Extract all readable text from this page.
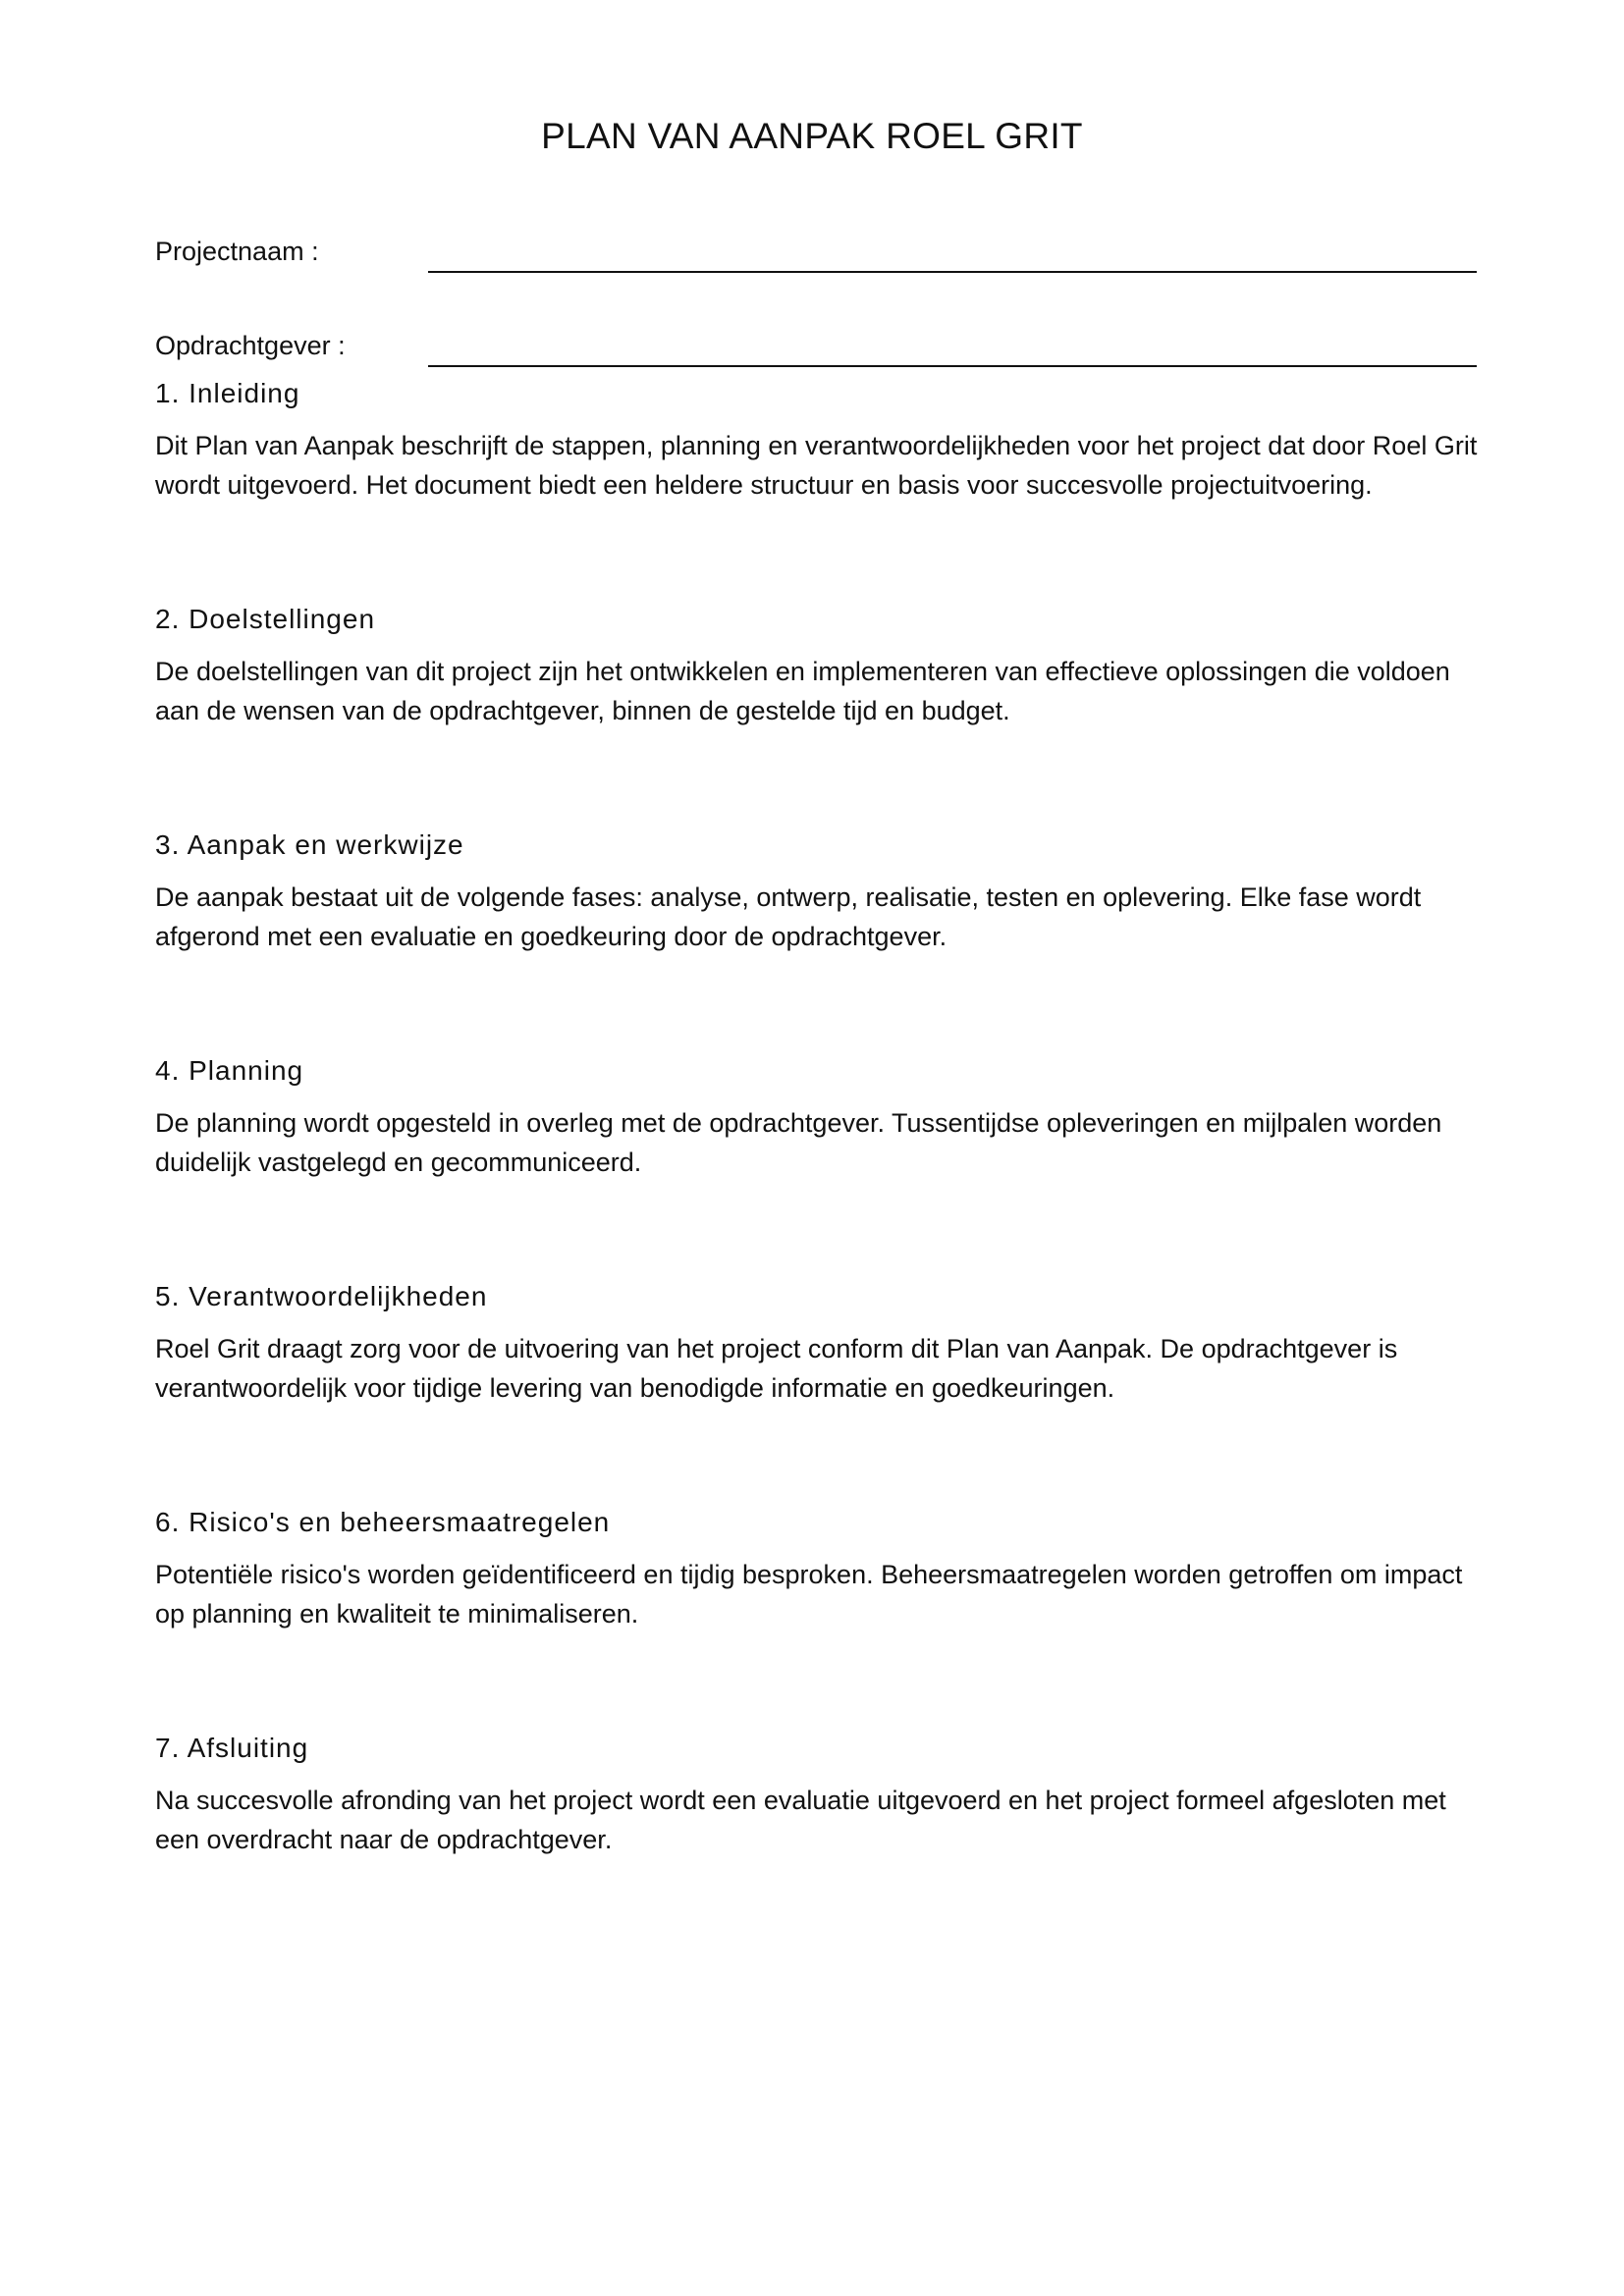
PLAN VAN AANPAK ROEL GRIT
Projectnaam :
Opdrachtgever :
1. Inleiding

Dit Plan van Aanpak beschrijft de stappen, planning en verantwoordelijkheden voor het project dat door Roel Grit wordt uitgevoerd. Het document biedt een heldere structuur en basis voor succesvolle projectuitvoering.

2. Doelstellingen

De doelstellingen van dit project zijn het ontwikkelen en implementeren van effectieve oplossingen die voldoen aan de wensen van de opdrachtgever, binnen de gestelde tijd en budget.

3. Aanpak en werkwijze

De aanpak bestaat uit de volgende fases: analyse, ontwerp, realisatie, testen en oplevering. Elke fase wordt afgerond met een evaluatie en goedkeuring door de opdrachtgever.

4. Planning

De planning wordt opgesteld in overleg met de opdrachtgever. Tussentijdse opleveringen en mijlpalen worden duidelijk vastgelegd en gecommuniceerd.

5. Verantwoordelijkheden

Roel Grit draagt zorg voor de uitvoering van het project conform dit Plan van Aanpak. De opdrachtgever is verantwoordelijk voor tijdige levering van benodigde informatie en goedkeuringen.

6. Risico's en beheersmaatregelen

Potentiële risico's worden geïdentificeerd en tijdig besproken. Beheersmaatregelen worden getroffen om impact op planning en kwaliteit te minimaliseren.

7. Afsluiting

Na succesvolle afronding van het project wordt een evaluatie uitgevoerd en het project formeel afgesloten met een overdracht naar de opdrachtgever.
